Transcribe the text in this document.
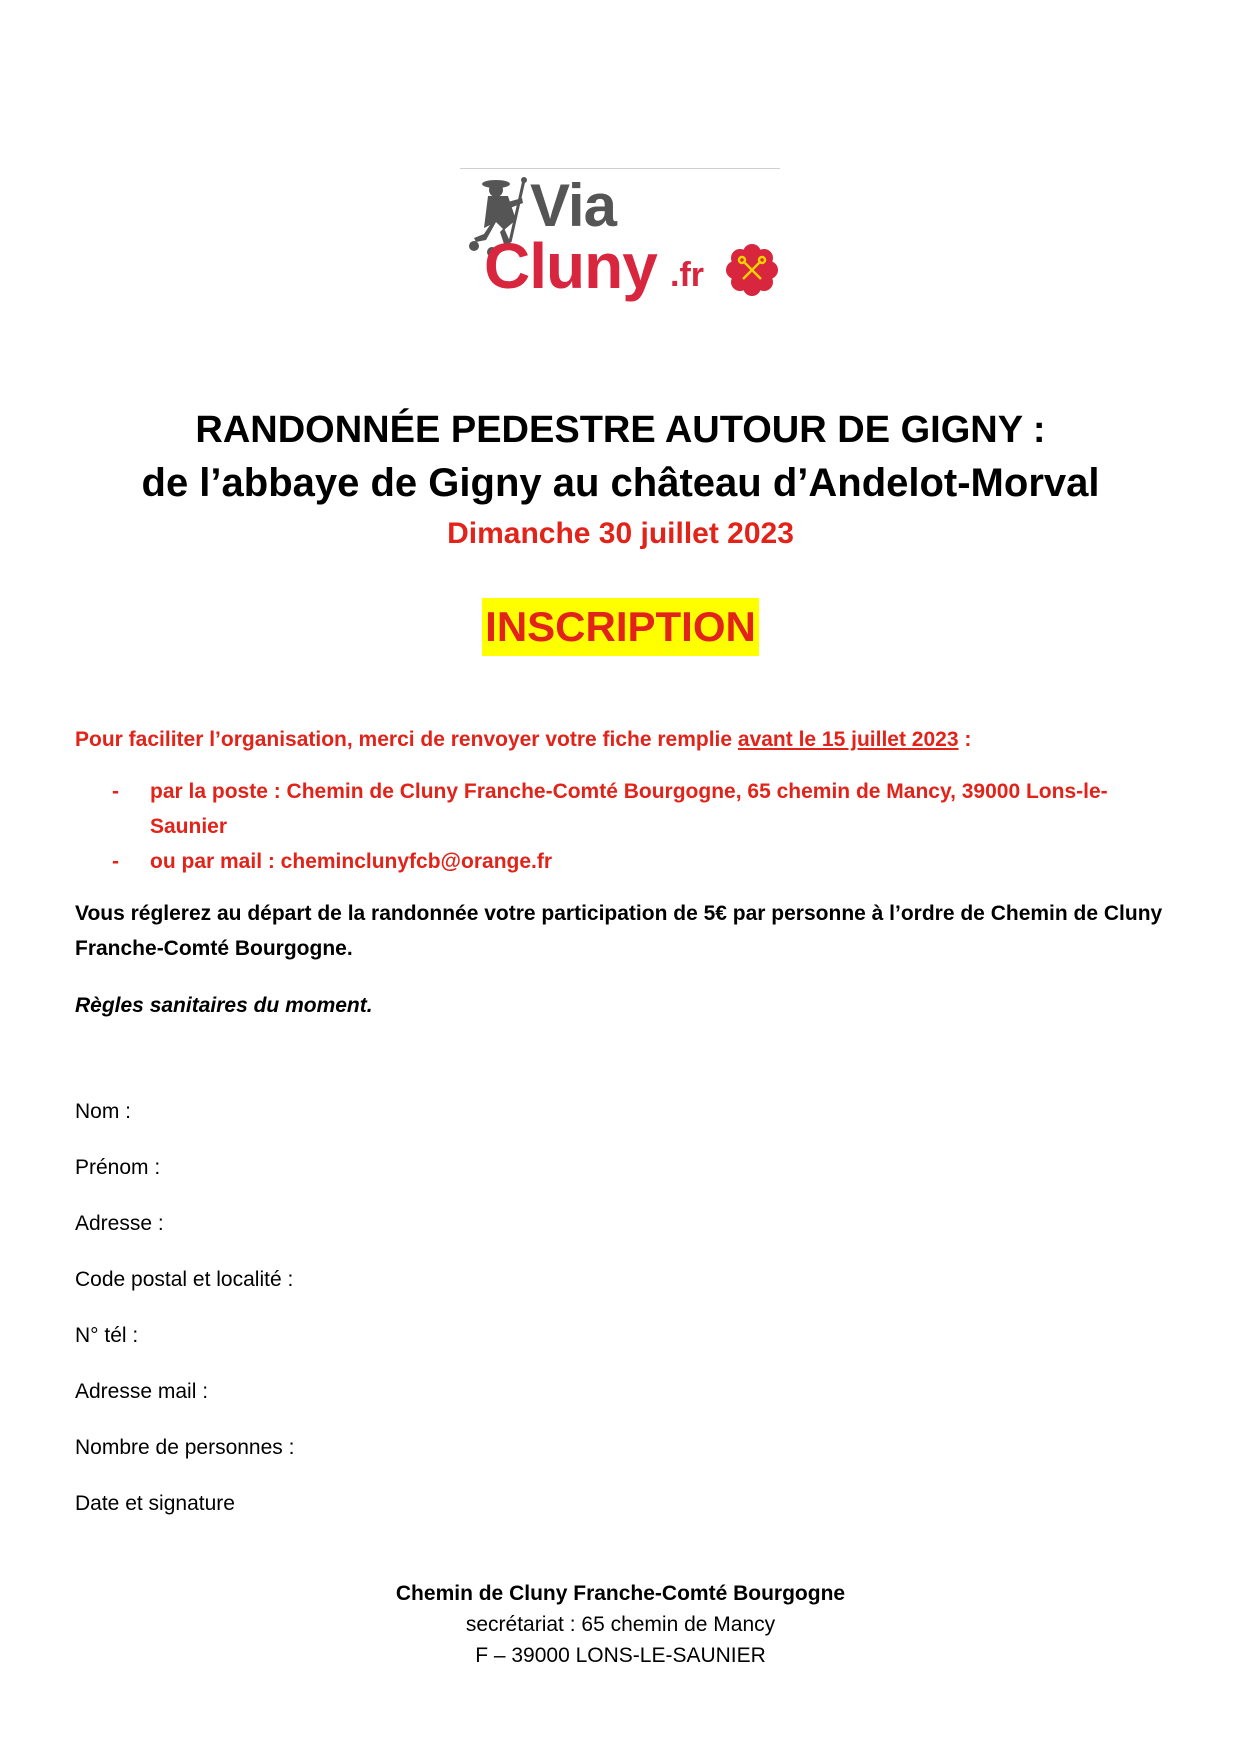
Via
Cluny .fr
RANDONNÉE PEDESTRE AUTOUR DE GIGNY :
de l’abbaye de Gigny au château d’Andelot-Morval
Dimanche 30 juillet 2023
INSCRIPTION
Pour faciliter l’organisation, merci de renvoyer votre fiche remplie avant le 15 juillet 2023 :
- par la poste : Chemin de Cluny Franche-Comté Bourgogne, 65 chemin de Mancy, 39000 Lons-le-Saunier
- ou par mail : cheminclunyfcb@orange.fr
Vous réglerez au départ de la randonnée votre participation de 5€ par personne à l’ordre de Chemin de Cluny Franche-Comté Bourgogne.
Règles sanitaires du moment.
Nom :
Prénom :
Adresse :
Code postal et localité :
N° tél :
Adresse mail :
Nombre de personnes :
Date et signature
Chemin de Cluny Franche-Comté Bourgogne
secrétariat : 65 chemin de Mancy
F – 39000 LONS-LE-SAUNIER
